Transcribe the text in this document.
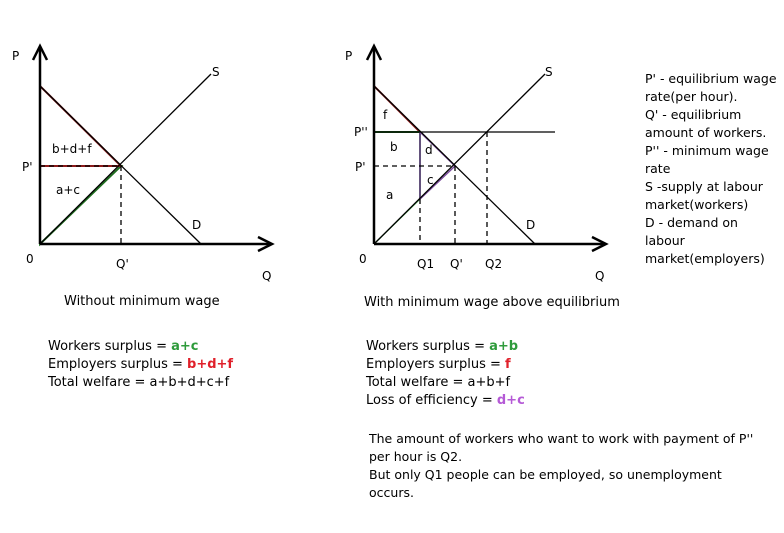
P
Q
0
P'
Q'
S
D
b+d+f
a+c
P
Q
0
P''
P'
Q1 Q' Q2
S
D
f
b d
c
a
Without minimum wage	With minimum wage above equilibrium
Workers surplus = a+c
Employers surplus = b+d+f
Total welfare = a+b+d+c+f
Workers surplus = a+b
Employers surplus = f
Total welfare = a+b+f
Loss of efficiency = d+c
P' - equilibrium wage rate(per hour).
Q' - equilibrium amount of workers.
P'' - minimum wage rate
S -supply at labour market(workers)
D - demand on labour market(employers)
The amount of workers who want to work with payment of P'' per hour is Q2.
But only Q1 people can be employed, so unemployment occurs.
